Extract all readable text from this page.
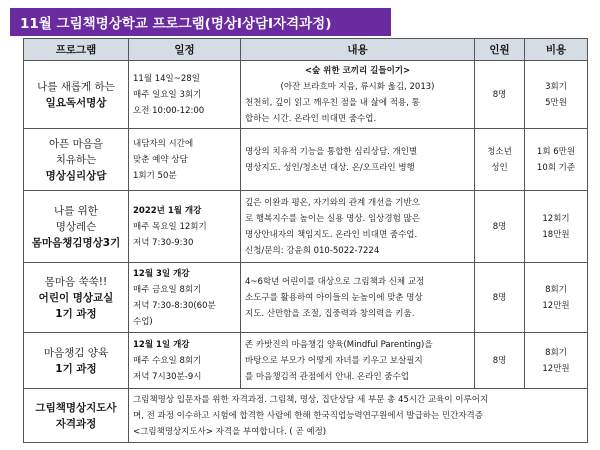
11월 그림책명상학교 프로그램(명상I상담I자격과정)
프로그램	일정	내용	인원	비용

나를 새롭게 하는
일요독서명상	11월 14일~28일
매주 일요일 3회기
오전 10:00-12:00	<숲 위한 코끼리 길들이기>
(아잔 브라흐마 지음, 류시화 옮김, 2013)
천천히, 깊이 읽고 깨우친 점을 내 삶에 적용, 통
합하는 시간. 온라인 비대면 줌수업.	8명	3회기
5만원

아픈 마음을
치유하는
명상심리상담	내담자의 시간에
맞춘 예약 상담
1회기 50분	명상의 치유적 기능을 통합한 심리상담. 개인별
명상지도. 성인/청소년 대상. 온/오프라인 병행	청소년
성인	1회 6만원
10회 기준

나를 위한
명상레슨
몸마음챙김명상3기	2022년 1월 개강
매주 목요일 12회기
저녁 7:30-9:30	깊은 이완과 평온, 자기와의 관계 개선을 기반으
로 행복지수를 높이는 실용 명상. 임상경험 많은
명상안내자의 책임지도. 온라인 비대면 줌수업.
신청/문의: 강윤희 010-5022-7224	8명	12회기
18만원

몸마음 쑥쑥!!
어린이 명상교실
1기 과정	12월 3일 개강
매주 금요일 8회기
저녁 7:30-8:30(60분
수업)	4~6학년 어린이를 대상으로 그림책과 신체 교정
소도구를 활용하여 아이들의 눈높이에 맞춘 명상
지도. 산만함을 조절, 집중력과 창의력을 키움.	8명	8회기
12만원

마음챙김 양육
1기 과정	12월 1일 개강
매주 수요일 8회기
저녁 7시30분-9시	존 카밧진의 마음챙김 양육(Mindful Parenting)을
바탕으로 부모가 어떻게 자녀를 키우고 보살필지
를 마음챙김적 관점에서 안내. 온라인 줌수업	8명	8회기
12만원

그림책명상지도사
자격과정	그림책명상 입문자를 위한 자격과정. 그림책, 명상, 집단상담 세 부문 총 45시간 교육이 이루어지
며, 전 과정 이수하고 시험에 합격한 사람에 한해 한국직업능력연구원에서 발급하는 민간자격증
<그림책명상지도사> 자격을 부여합니다. ( 곧 예정)			
